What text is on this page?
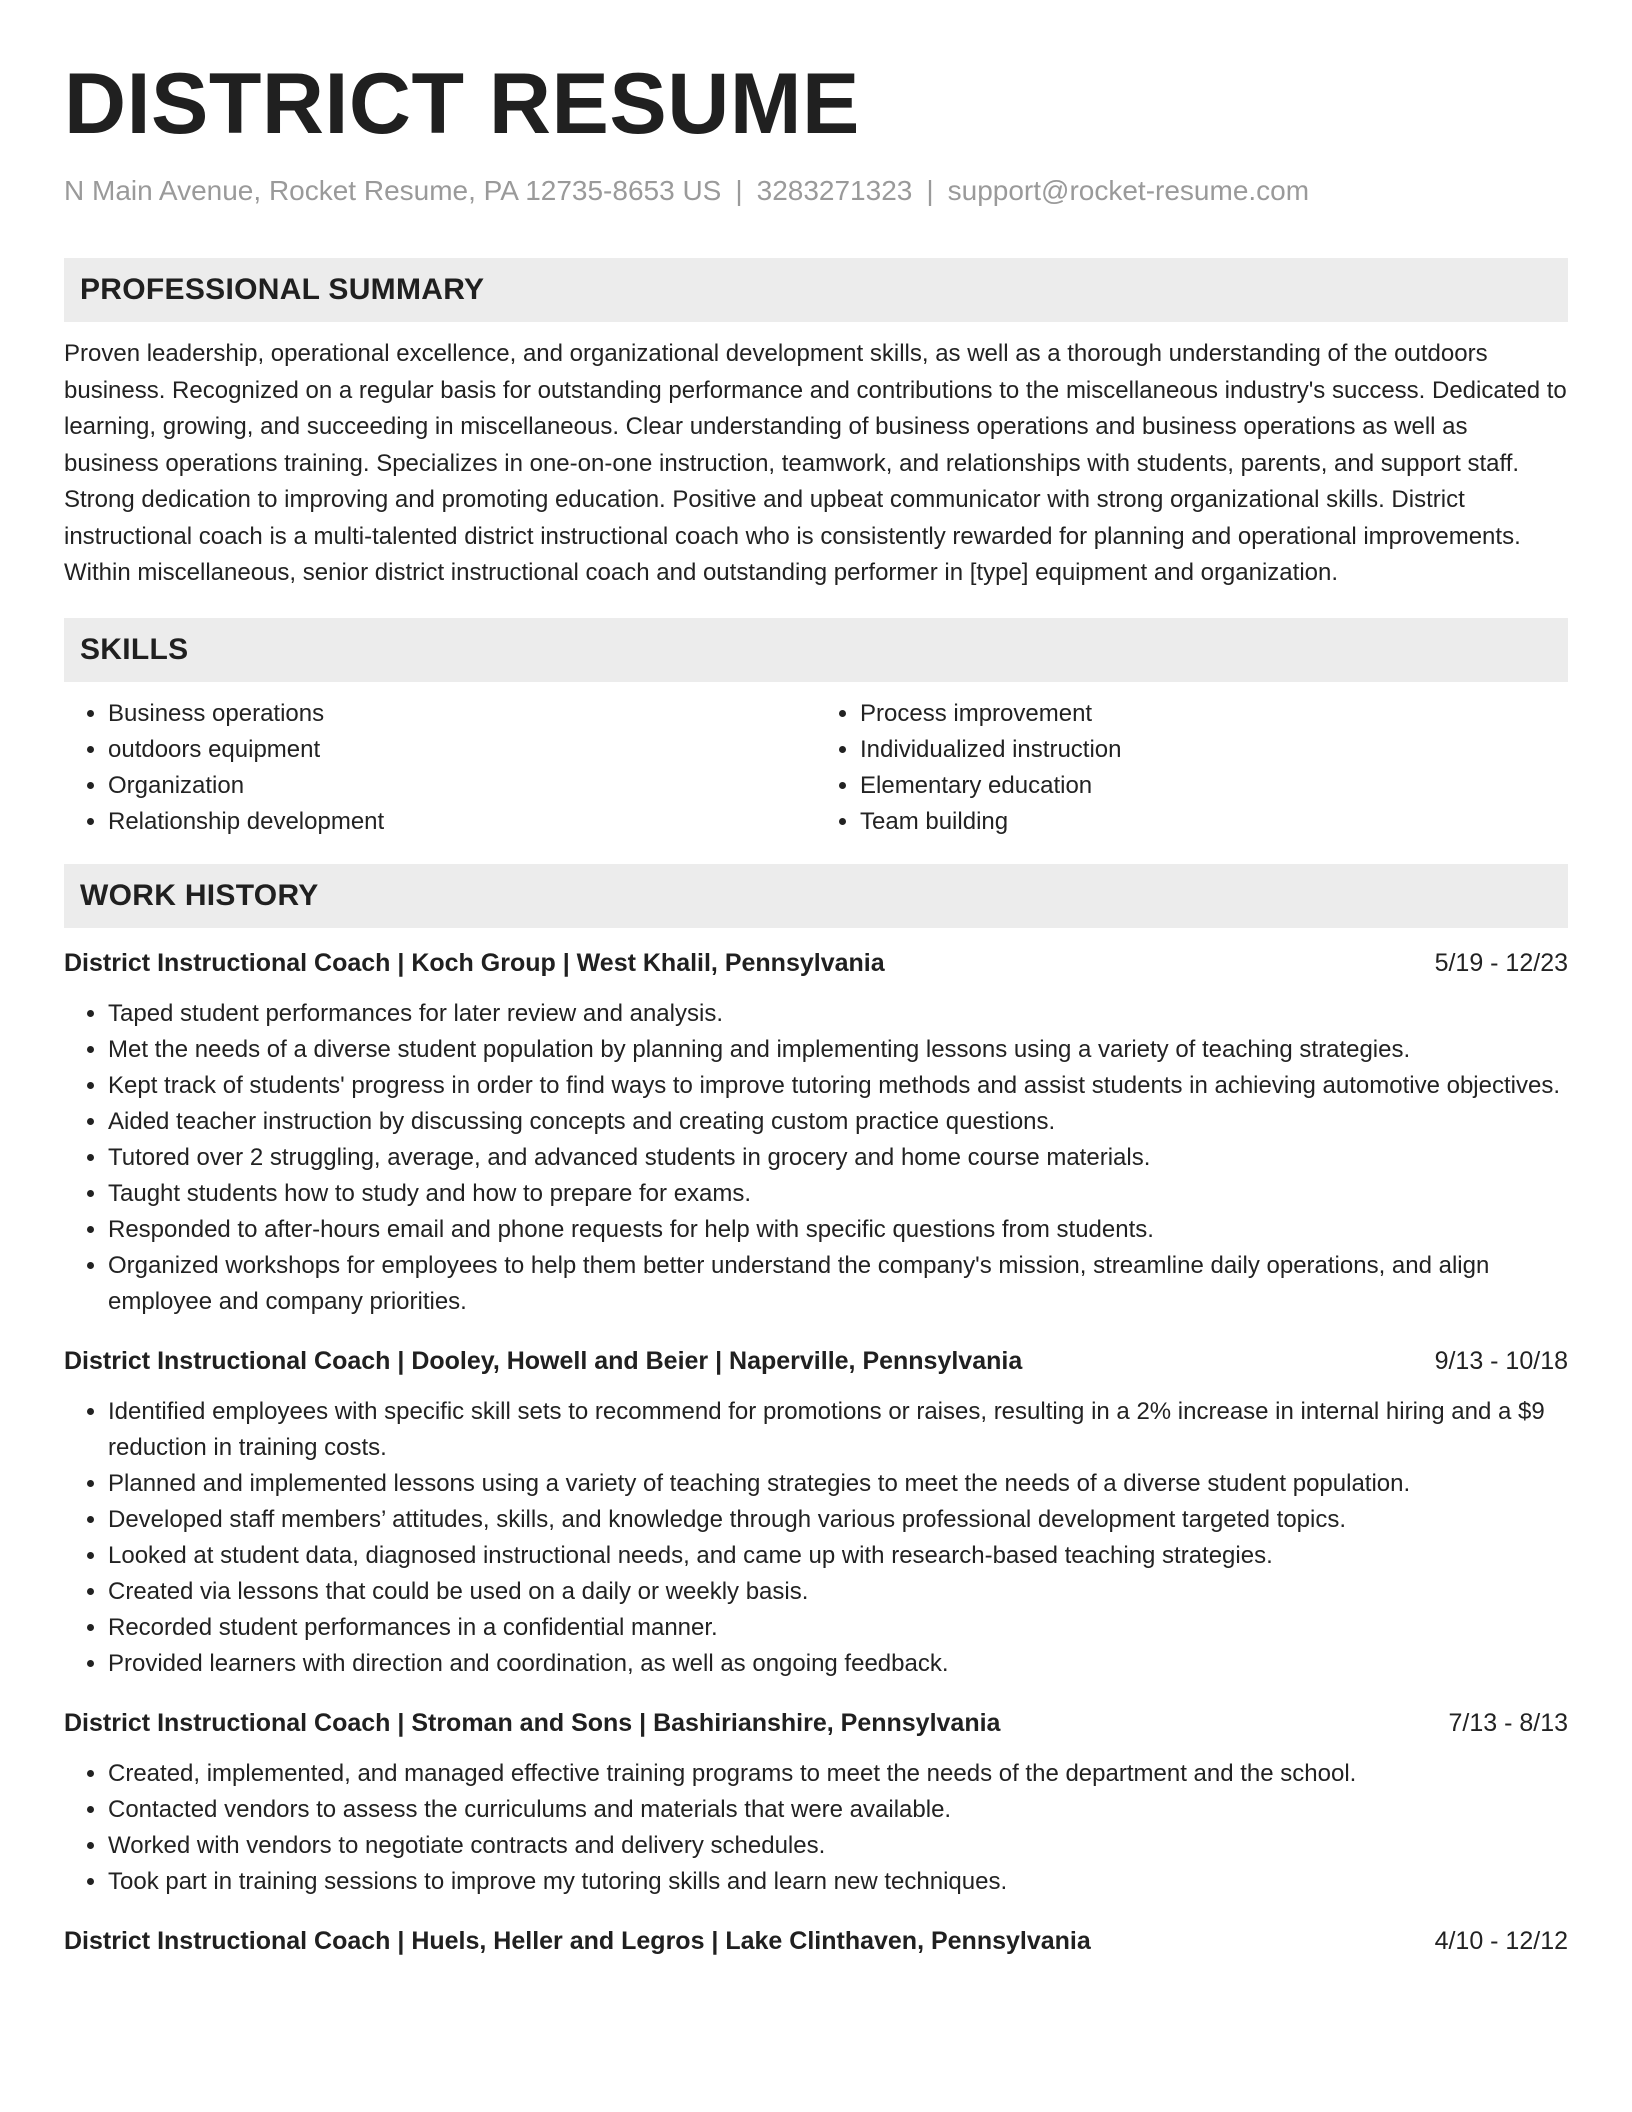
DISTRICT RESUME
N Main Avenue, Rocket Resume, PA 12735-8653 US | 3283271323 | support@rocket-resume.com
PROFESSIONAL SUMMARY

Proven leadership, operational excellence, and organizational development skills, as well as a thorough understanding of the outdoors business. Recognized on a regular basis for outstanding performance and contributions to the miscellaneous industry's success. Dedicated to learning, growing, and succeeding in miscellaneous. Clear understanding of business operations and business operations as well as business operations training. Specializes in one-on-one instruction, teamwork, and relationships with students, parents, and support staff. Strong dedication to improving and promoting education. Positive and upbeat communicator with strong organizational skills. District instructional coach is a multi-talented district instructional coach who is consistently rewarded for planning and operational improvements. Within miscellaneous, senior district instructional coach and outstanding performer in [type] equipment and organization.

SKILLS
• Business operations
• outdoors equipment
• Organization
• Relationship development
• Process improvement
• Individualized instruction
• Elementary education
• Team building
WORK HISTORY
District Instructional Coach | Koch Group | West Khalil, Pennsylvania	5/19 - 12/23
• Taped student performances for later review and analysis.
• Met the needs of a diverse student population by planning and implementing lessons using a variety of teaching strategies.
• Kept track of students' progress in order to find ways to improve tutoring methods and assist students in achieving automotive objectives.
• Aided teacher instruction by discussing concepts and creating custom practice questions.
• Tutored over 2 struggling, average, and advanced students in grocery and home course materials.
• Taught students how to study and how to prepare for exams.
• Responded to after-hours email and phone requests for help with specific questions from students.
• Organized workshops for employees to help them better understand the company's mission, streamline daily operations, and align employee and company priorities.
District Instructional Coach | Dooley, Howell and Beier | Naperville, Pennsylvania	9/13 - 10/18
• Identified employees with specific skill sets to recommend for promotions or raises, resulting in a 2% increase in internal hiring and a $9 reduction in training costs.
• Planned and implemented lessons using a variety of teaching strategies to meet the needs of a diverse student population.
• Developed staff members’ attitudes, skills, and knowledge through various professional development targeted topics.
• Looked at student data, diagnosed instructional needs, and came up with research-based teaching strategies.
• Created via lessons that could be used on a daily or weekly basis.
• Recorded student performances in a confidential manner.
• Provided learners with direction and coordination, as well as ongoing feedback.
District Instructional Coach | Stroman and Sons | Bashirianshire, Pennsylvania	7/13 - 8/13
• Created, implemented, and managed effective training programs to meet the needs of the department and the school.
• Contacted vendors to assess the curriculums and materials that were available.
• Worked with vendors to negotiate contracts and delivery schedules.
• Took part in training sessions to improve my tutoring skills and learn new techniques.
District Instructional Coach | Huels, Heller and Legros | Lake Clinthaven, Pennsylvania	4/10 - 12/12
